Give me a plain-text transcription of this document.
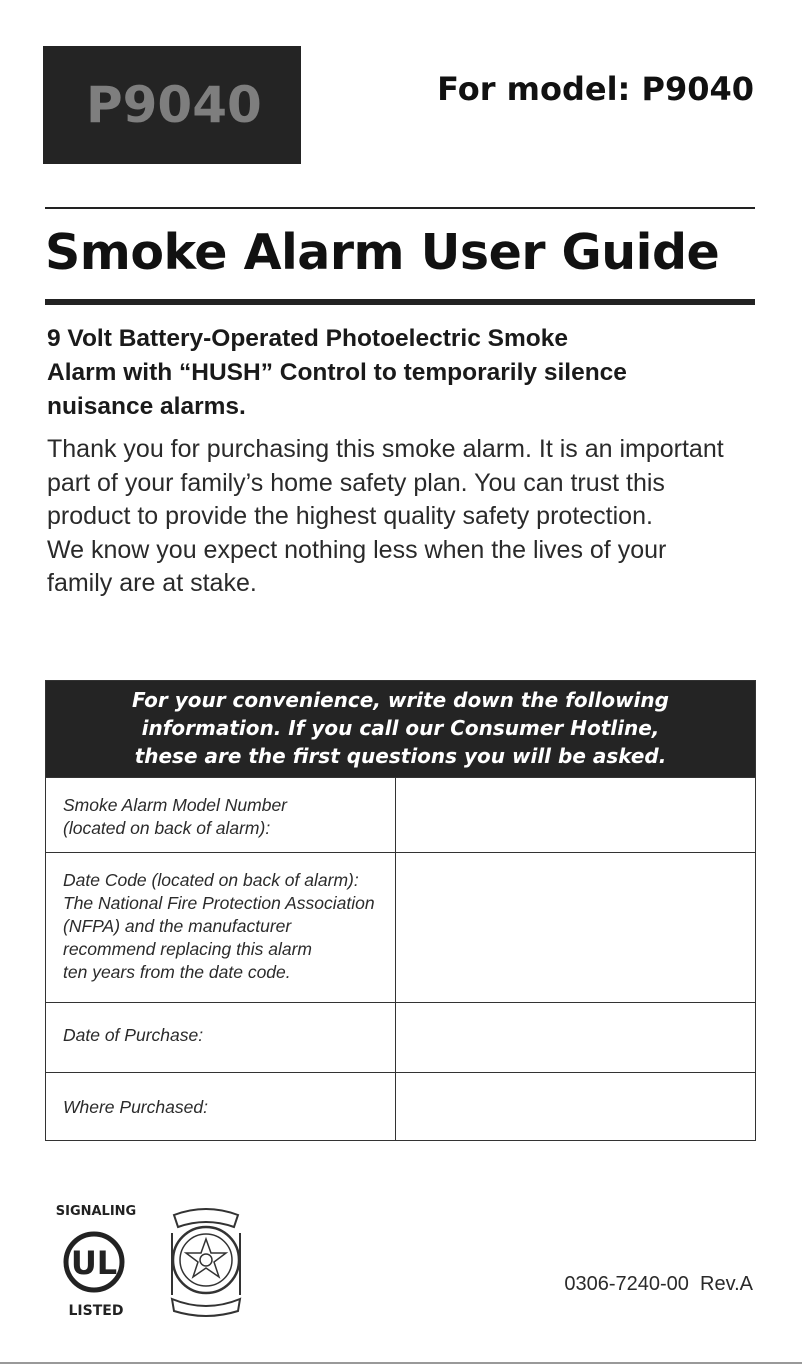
P9040	For model: P9040
Smoke Alarm User Guide
9 Volt Battery-Operated Photoelectric Smoke
Alarm with “HUSH” Control to temporarily silence
nuisance alarms.
Thank you for purchasing this smoke alarm. It is an important
part of your family’s home safety plan. You can trust this
product to provide the highest quality safety protection.
We know you expect nothing less when the lives of your
family are at stake.
For your convenience, write down the following
information. If you call our Consumer Hotline,
these are the first questions you will be asked.
Smoke Alarm Model Number
(located on back of alarm):
Date Code (located on back of alarm):
The National Fire Protection Association
(NFPA) and the manufacturer
recommend replacing this alarm
ten years from the date code.
Date of Purchase:
Where Purchased:
SIGNALING
UL
LISTED
0306-7240-00  Rev.A
